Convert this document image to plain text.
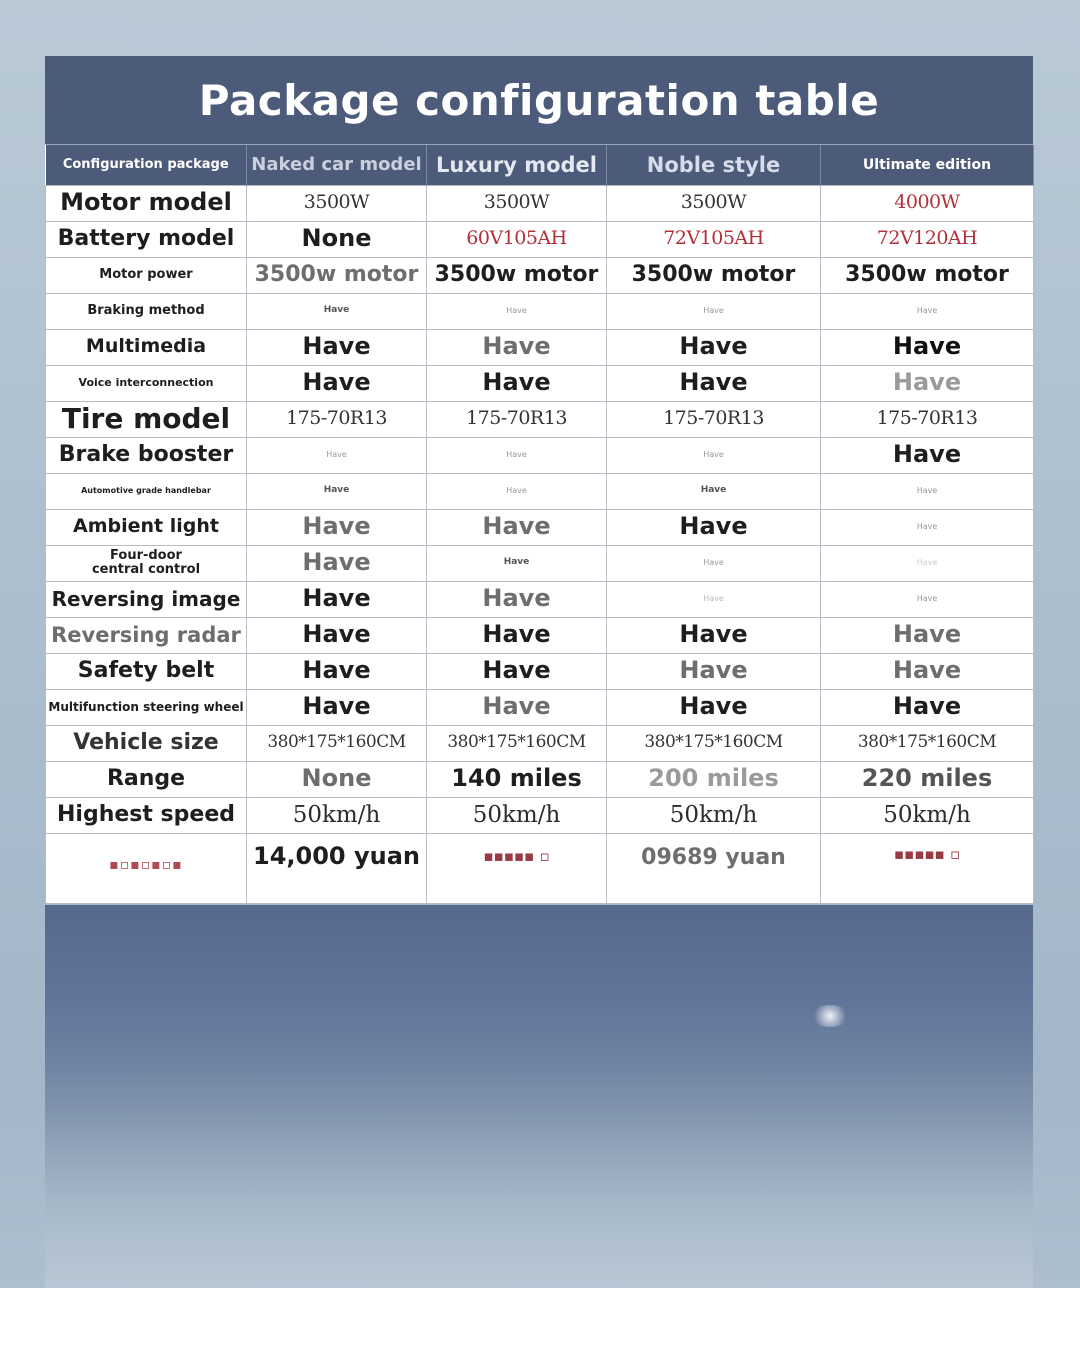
Package configuration table
Configuration package	Naked car model	Luxury model	Noble style	Ultimate edition
Motor model	3500W	3500W	3500W	4000W
Battery model	None	60V105AH	72V105AH	72V120AH
Motor power	3500w motor	3500w motor	3500w motor	3500w motor
Braking method	Have	Have	Have	Have
Multimedia	Have	Have	Have	Have
Voice interconnection	Have	Have	Have	Have
Tire model	175-70R13	175-70R13	175-70R13	175-70R13
Brake booster	Have	Have	Have	Have
Automotive grade handlebar	Have	Have	Have	Have
Ambient light	Have	Have	Have	Have
Four-door central control	Have	Have	Have	Have
Reversing image	Have	Have	Have	Have
Reversing radar	Have	Have	Have	Have
Safety belt	Have	Have	Have	Have
Multifunction steering wheel	Have	Have	Have	Have
Vehicle size	380*175*160CM	380*175*160CM	380*175*160CM	380*175*160CM
Range	None	140 miles	200 miles	220 miles
Highest speed	50km/h	50km/h	50km/h	50km/h
▪▫▪▫▪▫▪	14,000 yuan	▪▪▪▪▪ ▫	09689 yuan	▪▪▪▪▪ ▫
